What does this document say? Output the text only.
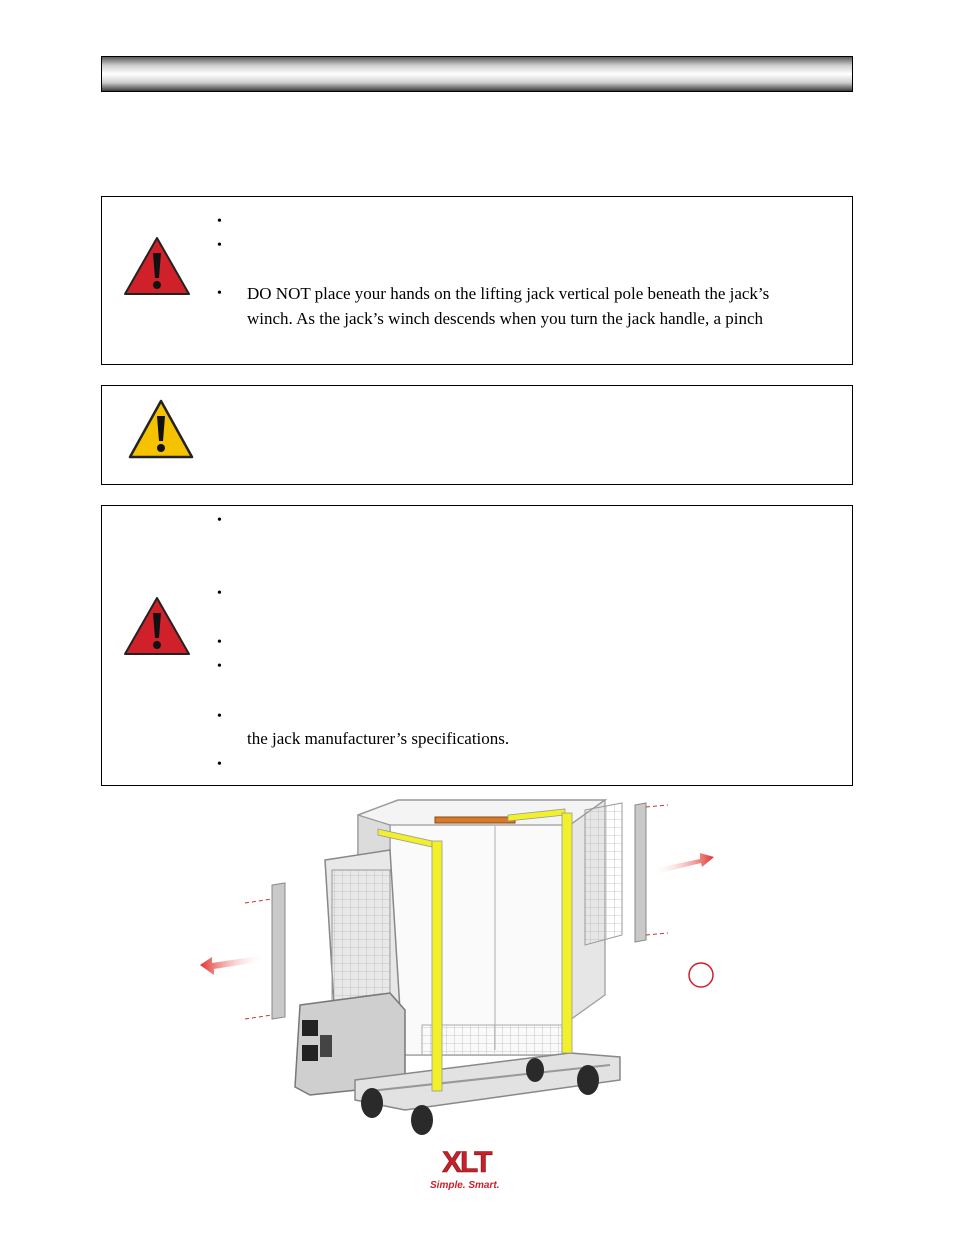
•
•
• DO NOT place your hands on the lifting jack vertical pole beneath the jack’s
winch. As the jack’s winch descends when you turn the jack handle, a pinch
•
•
•
•
•
the jack manufacturer’s specifications.
•
XLT
Simple. Smart.
